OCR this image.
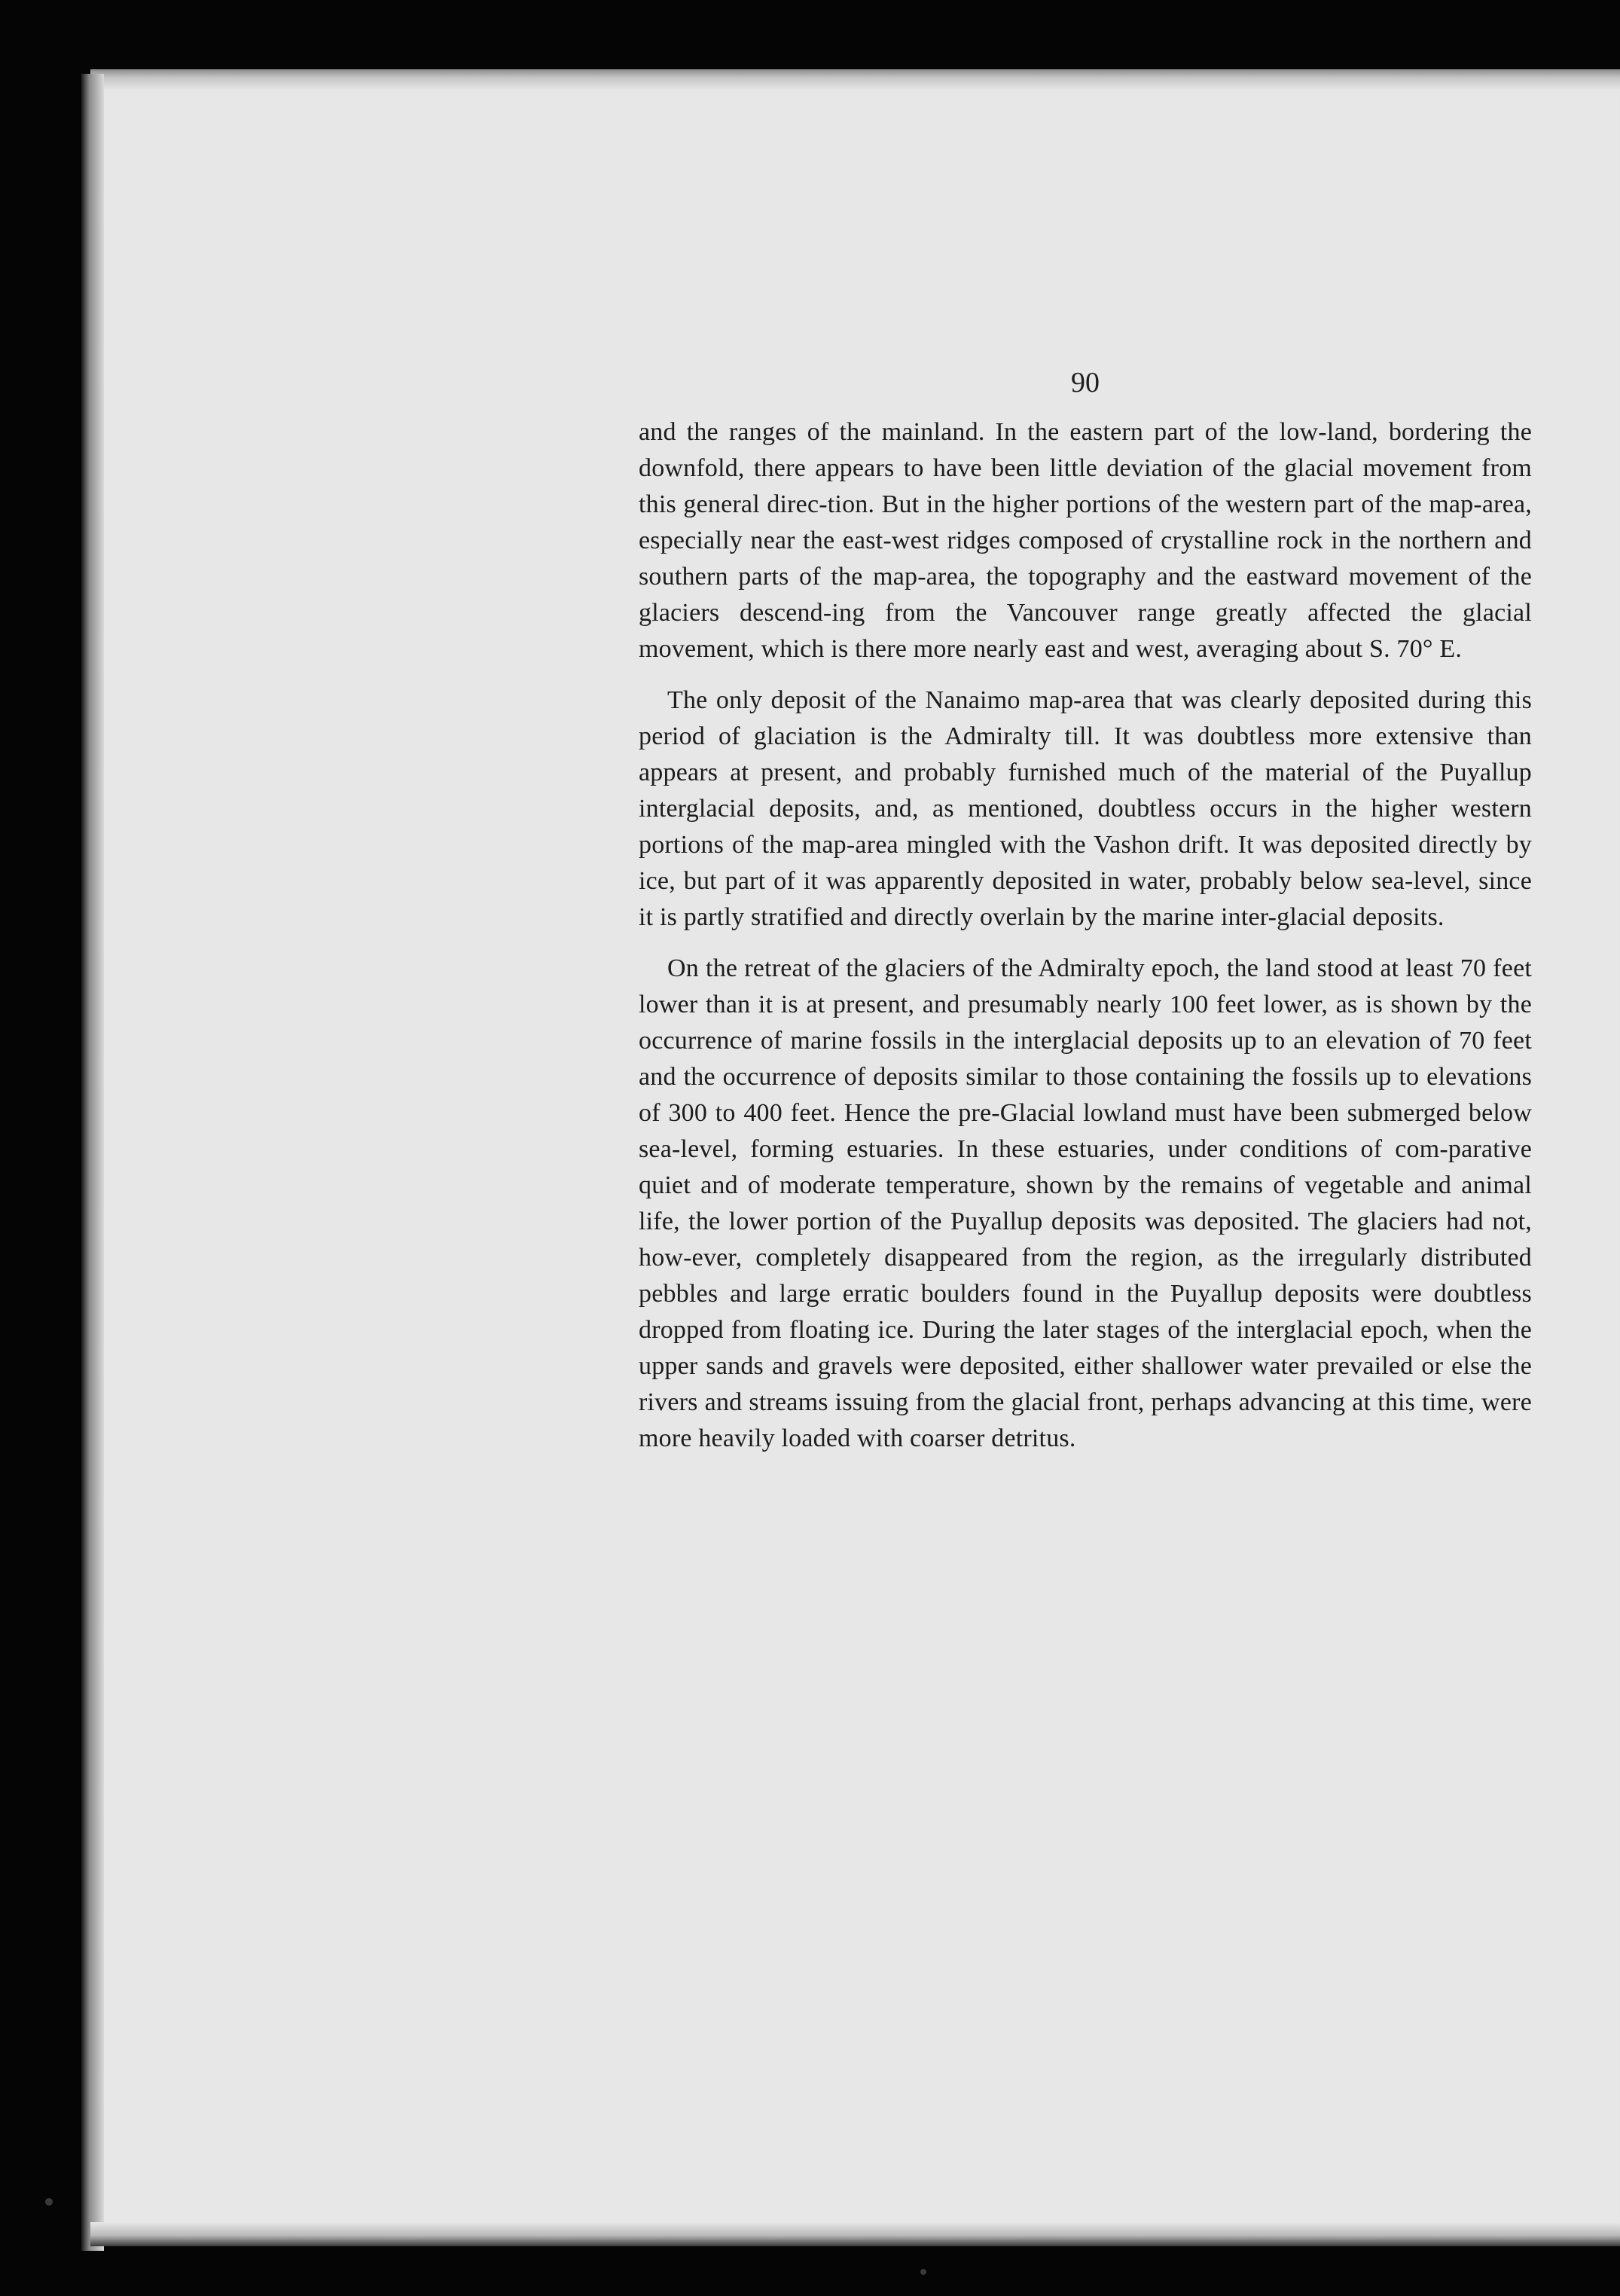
90

and the ranges of the mainland. In the eastern part of the low-land, bordering the downfold, there appears to have been little deviation of the glacial movement from this general direc-tion. But in the higher portions of the western part of the map-area, especially near the east-west ridges composed of crystalline rock in the northern and southern parts of the map-area, the topography and the eastward movement of the glaciers descend-ing from the Vancouver range greatly affected the glacial movement, which is there more nearly east and west, averaging about S. 70° E.

The only deposit of the Nanaimo map-area that was clearly deposited during this period of glaciation is the Admiralty till. It was doubtless more extensive than appears at present, and probably furnished much of the material of the Puyallup interglacial deposits, and, as mentioned, doubtless occurs in the higher western portions of the map-area mingled with the Vashon drift. It was deposited directly by ice, but part of it was apparently deposited in water, probably below sea-level, since it is partly stratified and directly overlain by the marine inter-glacial deposits.

On the retreat of the glaciers of the Admiralty epoch, the land stood at least 70 feet lower than it is at present, and presumably nearly 100 feet lower, as is shown by the occurrence of marine fossils in the interglacial deposits up to an elevation of 70 feet and the occurrence of deposits similar to those containing the fossils up to elevations of 300 to 400 feet. Hence the pre-Glacial lowland must have been submerged below sea-level, forming estuaries. In these estuaries, under conditions of com-parative quiet and of moderate temperature, shown by the remains of vegetable and animal life, the lower portion of the Puyallup deposits was deposited. The glaciers had not, how-ever, completely disappeared from the region, as the irregularly distributed pebbles and large erratic boulders found in the Puyallup deposits were doubtless dropped from floating ice. During the later stages of the interglacial epoch, when the upper sands and gravels were deposited, either shallower water prevailed or else the rivers and streams issuing from the glacial front, perhaps advancing at this time, were more heavily loaded with coarser detritus.
